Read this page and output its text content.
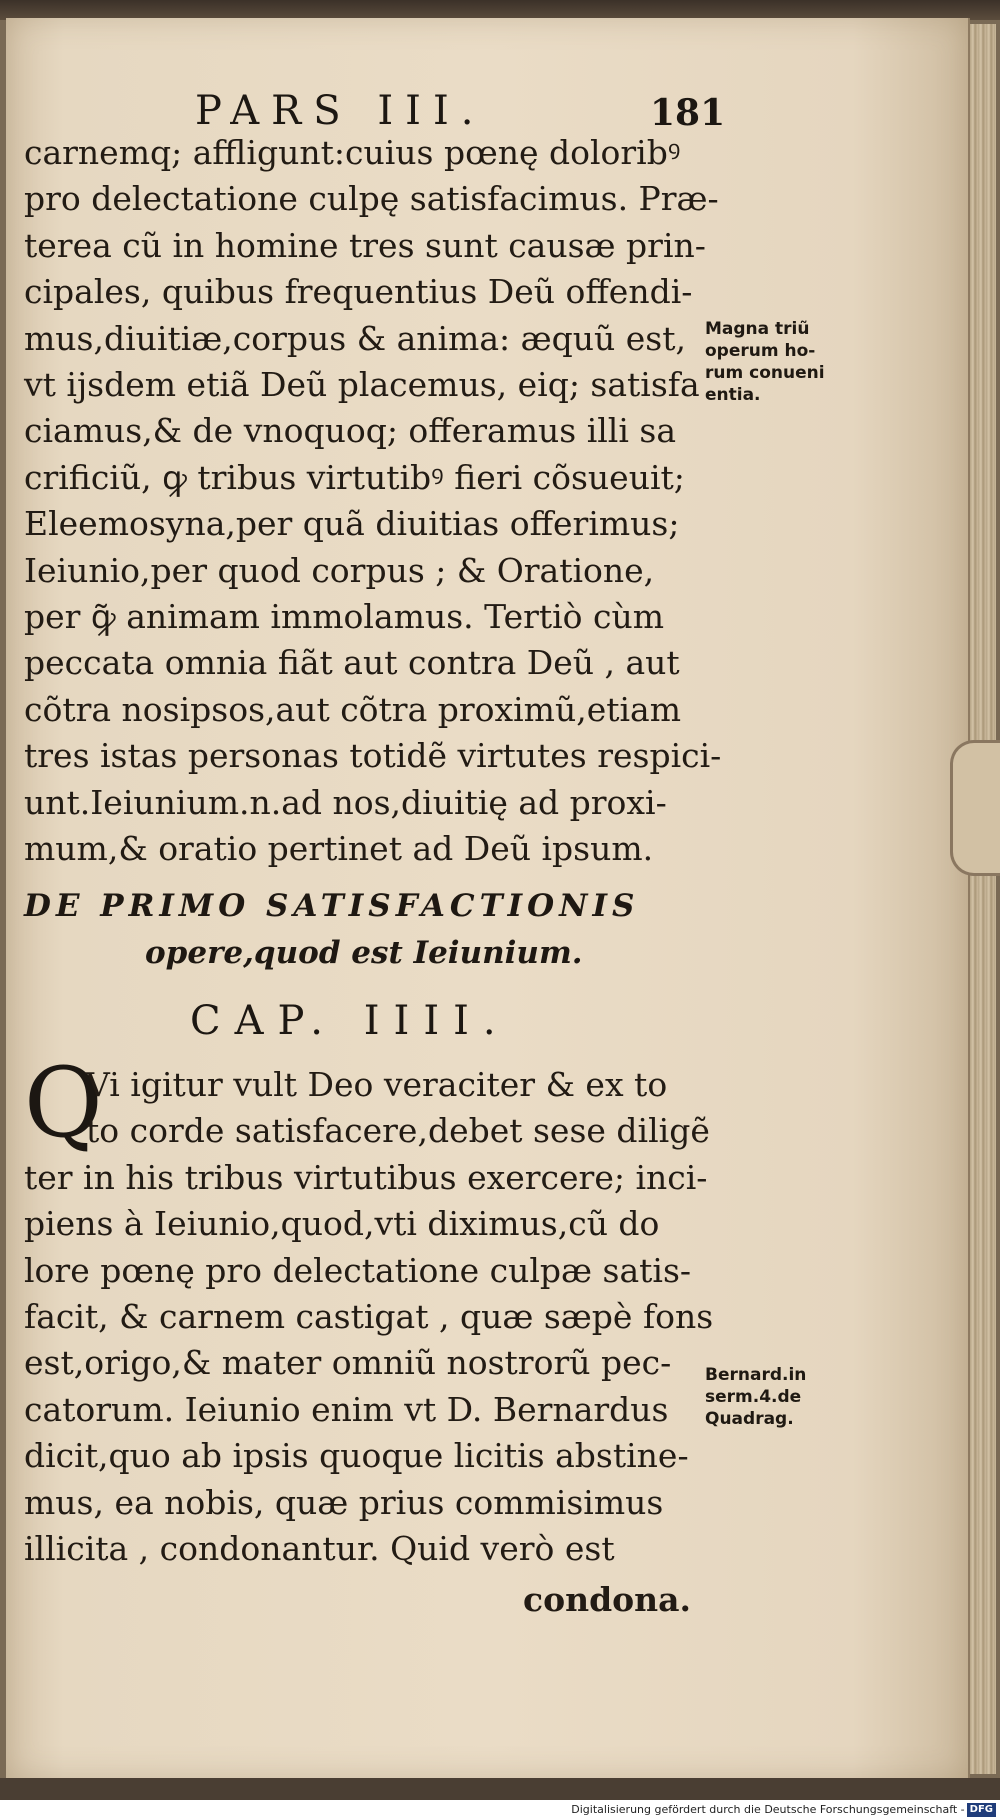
PARS III.	181
carnemq; affligunt:cuius pœnę doloribꝰ
pro delectatione culpę satisfacimus. Præ-
terea cũ in homine tres sunt causæ prin-
cipales, quibus frequentius Deũ offendi-
mus,diuitiæ,corpus & anima: æquũ est,
vt ijsdem etiã Deũ placemus, eiq; satisfa
ciamus,& de vnoquoq; offeramus illi sa
crificiũ, ꝙ tribus virtutibꝰ fieri cõsueuit;
Eleemosyna,per quã diuitias offerimus;
Ieiunio,per quod corpus ; & Oratione,
per ꝙ̃ animam immolamus. Tertiò cùm
peccata omnia fiãt aut contra Deũ , aut
cõtra nosipsos,aut cõtra proximũ,etiam
tres istas personas totidẽ virtutes respici-
unt.Ieiunium.n.ad nos,diuitię ad proxi-
mum,& oratio pertinet ad Deũ ipsum.
Magna triũ
operum ho-
rum conueni
entia.
DE PRIMO SATISFACTIONIS
opere,quod est Ieiunium.
CAP. IIII.
Q
Vi igitur vult Deo veraciter & ex to
to corde satisfacere,debet sese diligẽ
ter in his tribus virtutibus exercere; inci-
piens à Ieiunio,quod,vti diximus,cũ do
lore pœnę pro delectatione culpæ satis-
facit, & carnem castigat , quæ sæpè fons
est,origo,& mater omniũ nostrorũ pec-
catorum. Ieiunio enim vt D. Bernardus
dicit,quo ab ipsis quoque licitis abstine-
mus, ea nobis, quæ prius commisimus
illicita , condonantur. Quid verò est
Bernard.in
serm.4.de
Quadrag.
condona.
Digitalisierung gefördert durch die Deutsche Forschungsgemeinschaft - DFG
